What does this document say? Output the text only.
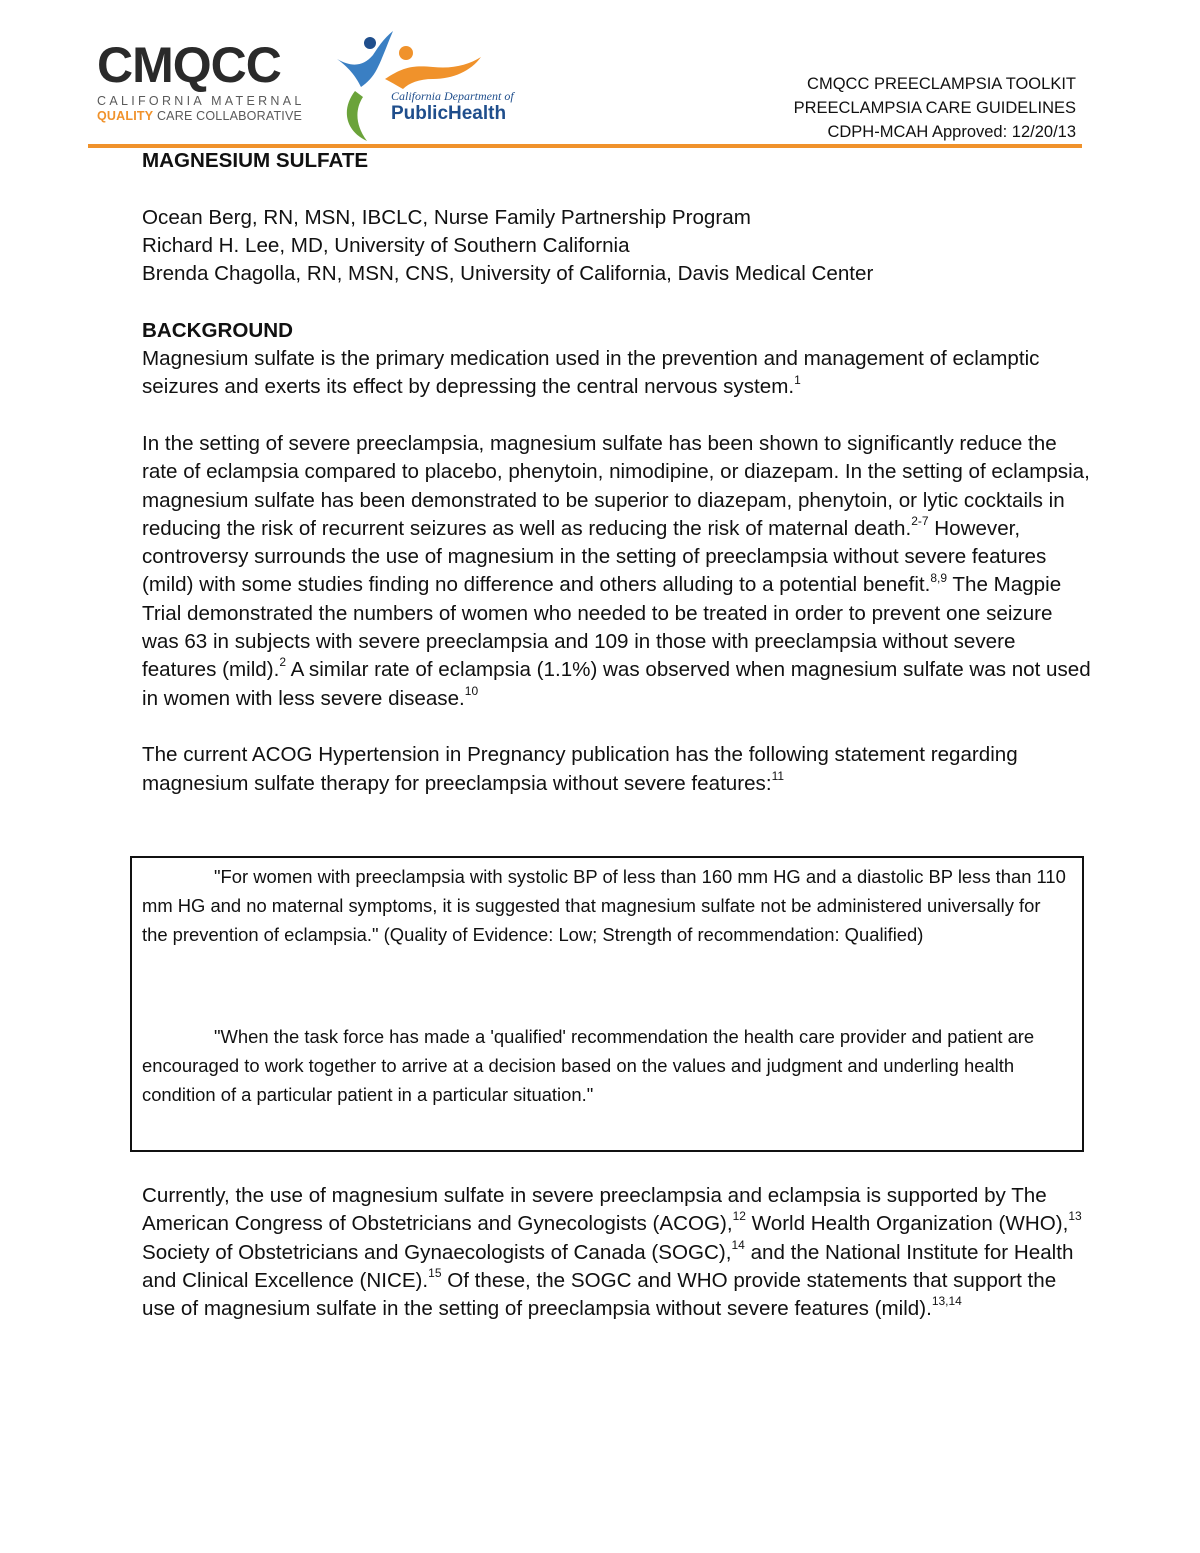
CMQCC
CALIFORNIA MATERNAL
QUALITY CARE COLLABORATIVE
California Department of
PublicHealth
CMQCC PREECLAMPSIA TOOLKIT
PREECLAMPSIA CARE GUIDELINES
CDPH-MCAH Approved: 12/20/13

MAGNESIUM SULFATE

Ocean Berg, RN, MSN, IBCLC, Nurse Family Partnership Program

Richard H. Lee, MD, University of Southern California

Brenda Chagolla, RN, MSN, CNS, University of California, Davis Medical Center

BACKGROUND

Magnesium sulfate is the primary medication used in the prevention and management of eclamptic seizures and exerts its effect by depressing the central nervous system.$^1$

In the setting of severe preeclampsia, magnesium sulfate has been shown to significantly reduce the rate of eclampsia compared to placebo, phenytoin, nimodipine, or diazepam. In the setting of eclampsia, magnesium sulfate has been demonstrated to be superior to diazepam, phenytoin, or lytic cocktails in reducing the risk of recurrent seizures as well as reducing the risk of maternal death.$^{2-7}$ However, controversy surrounds the use of magnesium in the setting of preeclampsia without severe features (mild) with some studies finding no difference and others alluding to a potential benefit.$^{8,9}$ The Magpie Trial demonstrated the numbers of women who needed to be treated in order to prevent one seizure was 63 in subjects with severe preeclampsia and 109 in those with preeclampsia without severe features (mild).$^2$ A similar rate of eclampsia (1.1%) was observed when magnesium sulfate was not used in women with less severe disease.$^{10}$

The current ACOG Hypertension in Pregnancy publication has the following statement regarding magnesium sulfate therapy for preeclampsia without severe features:$^{11}$

"For women with preeclampsia with systolic BP of less than 160 mm HG and a diastolic BP less than 110 mm HG and no maternal symptoms, it is suggested that magnesium sulfate not be administered universally for the prevention of eclampsia." (Quality of Evidence: Low; Strength of recommendation: Qualified)

"When the task force has made a 'qualified' recommendation the health care provider and patient are encouraged to work together to arrive at a decision based on the values and judgment and underling health condition of a particular patient in a particular situation."

Currently, the use of magnesium sulfate in severe preeclampsia and eclampsia is supported by The American Congress of Obstetricians and Gynecologists (ACOG),$^{12}$ World Health Organization (WHO),$^{13}$ Society of Obstetricians and Gynaecologists of Canada (SOGC),$^{14}$ and the National Institute for Health and Clinical Excellence (NICE).$^{15}$ Of these, the SOGC and WHO provide statements that support the use of magnesium sulfate in the setting of preeclampsia without severe features (mild).$^{13,14}$
